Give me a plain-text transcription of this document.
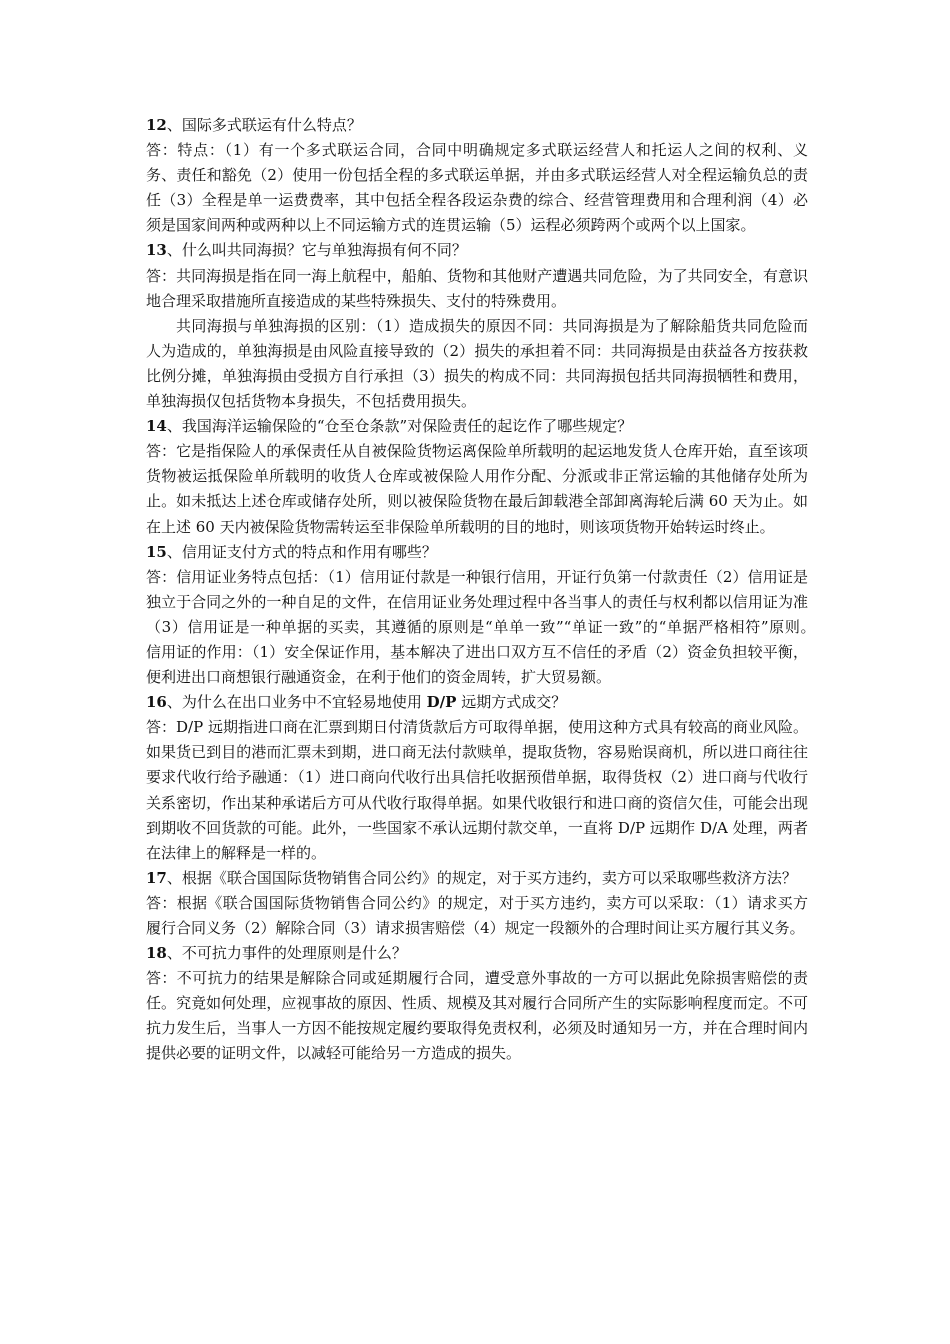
12、国际多式联运有什么特点？

答：特点：（1）有一个多式联运合同，合同中明确规定多式联运经营人和托运人之间的权利、义务、责任和豁免（2）使用一份包括全程的多式联运单据，并由多式联运经营人对全程运输负总的责任（3）全程是单一运费费率，其中包括全程各段运杂费的综合、经营管理费用和合理利润（4）必须是国家间两种或两种以上不同运输方式的连贯运输（5）运程必须跨两个或两个以上国家。

13、什么叫共同海损？它与单独海损有何不同？

答：共同海损是指在同一海上航程中，船舶、货物和其他财产遭遇共同危险，为了共同安全，有意识地合理采取措施所直接造成的某些特殊损失、支付的特殊费用。

共同海损与单独海损的区别：（1）造成损失的原因不同：共同海损是为了解除船货共同危险而人为造成的，单独海损是由风险直接导致的（2）损失的承担着不同：共同海损是由获益各方按获救比例分摊，单独海损由受损方自行承担（3）损失的构成不同：共同海损包括共同海损牺牲和费用，单独海损仅包括货物本身损失，不包括费用损失。

14、我国海洋运输保险的“仓至仓条款”对保险责任的起讫作了哪些规定？

答：它是指保险人的承保责任从自被保险货物运离保险单所载明的起运地发货人仓库开始，直至该项货物被运抵保险单所载明的收货人仓库或被保险人用作分配、分派或非正常运输的其他储存处所为止。如未抵达上述仓库或储存处所，则以被保险货物在最后卸载港全部卸离海轮后满 60 天为止。如在上述 60 天内被保险货物需转运至非保险单所载明的目的地时，则该项货物开始转运时终止。

15、信用证支付方式的特点和作用有哪些？

答：信用证业务特点包括：（1）信用证付款是一种银行信用，开证行负第一付款责任（2）信用证是独立于合同之外的一种自足的文件，在信用证业务处理过程中各当事人的责任与权利都以信用证为准（3）信用证是一种单据的买卖，其遵循的原则是“单单一致”“单证一致”的“单据严格相符”原则。　信用证的作用：（1）安全保证作用，基本解决了进出口双方互不信任的矛盾（2）资金负担较平衡，便利进出口商想银行融通资金，在利于他们的资金周转，扩大贸易额。

16、为什么在出口业务中不宜轻易地使用 D/P 远期方式成交？

答：D/P 远期指进口商在汇票到期日付清货款后方可取得单据，使用这种方式具有较高的商业风险。如果货已到目的港而汇票未到期，进口商无法付款赎单，提取货物，容易贻误商机，所以进口商往往要求代收行给予融通：（1）进口商向代收行出具信托收据预借单据，取得货权（2）进口商与代收行关系密切，作出某种承诺后方可从代收行取得单据。如果代收银行和进口商的资信欠佳，可能会出现到期收不回货款的可能。此外，一些国家不承认远期付款交单，一直将 D/P 远期作 D/A 处理，两者在法律上的解释是一样的。

17、根据《联合国国际货物销售合同公约》的规定，对于买方违约，卖方可以采取哪些救济方法？

答：根据《联合国国际货物销售合同公约》的规定，对于买方违约，卖方可以采取：（1）请求买方履行合同义务（2）解除合同（3）请求损害赔偿（4）规定一段额外的合理时间让买方履行其义务。

18、不可抗力事件的处理原则是什么？

答：不可抗力的结果是解除合同或延期履行合同，遭受意外事故的一方可以据此免除损害赔偿的责任。究竟如何处理，应视事故的原因、性质、规模及其对履行合同所产生的实际影响程度而定。不可抗力发生后，当事人一方因不能按规定履约要取得免责权利，必须及时通知另一方，并在合理时间内提供必要的证明文件，以减轻可能给另一方造成的损失。
